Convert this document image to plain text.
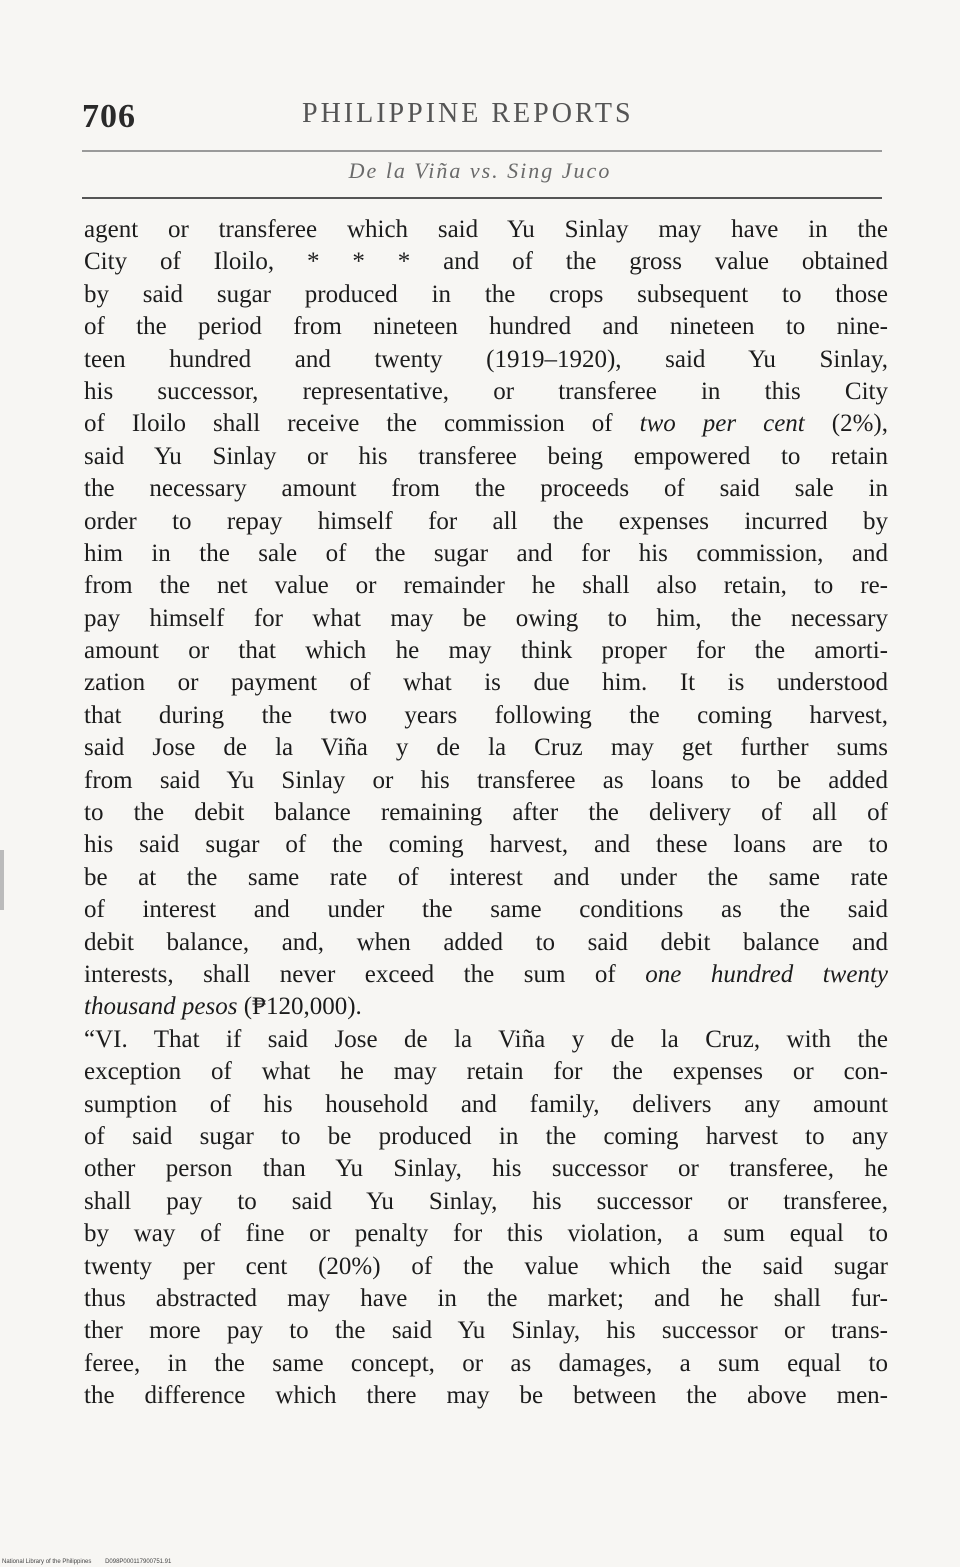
706	PHILIPPINE REPORTS
De la Viña vs. Sing Juco
agent or transferee which said Yu Sinlay may have in the
City of Iloilo, * * * and of the gross value obtained
by said sugar produced in the crops subsequent to those
of the period from nineteen hundred and nineteen to nine-
teen hundred and twenty (1919–1920), said Yu Sinlay,
his successor, representative, or transferee in this City
of Iloilo shall receive the commission of two per cent (2%),
said Yu Sinlay or his transferee being empowered to retain
the necessary amount from the proceeds of said sale in
order to repay himself for all the expenses incurred by
him in the sale of the sugar and for his commission, and
from the net value or remainder he shall also retain, to re-
pay himself for what may be owing to him, the necessary
amount or that which he may think proper for the amorti-
zation or payment of what is due him. It is understood
that during the two years following the coming harvest,
said Jose de la Viña y de la Cruz may get further sums
from said Yu Sinlay or his transferee as loans to be added
to the debit balance remaining after the delivery of all of
his said sugar of the coming harvest, and these loans are to
be at the same rate of interest and under the same rate
of interest and under the same conditions as the said
debit balance, and, when added to said debit balance and
interests, shall never exceed the sum of one hundred twenty
thousand pesos (₱120,000).
“VI. That if said Jose de la Viña y de la Cruz, with the
exception of what he may retain for the expenses or con-
sumption of his household and family, delivers any amount
of said sugar to be produced in the coming harvest to any
other person than Yu Sinlay, his successor or transferee, he
shall pay to said Yu Sinlay, his successor or transferee,
by way of fine or penalty for this violation, a sum equal to
twenty per cent (20%) of the value which the said sugar
thus abstracted may have in the market; and he shall fur-
ther more pay to the said Yu Sinlay, his successor or trans-
feree, in the same concept, or as damages, a sum equal to
the difference which there may be between the above men-
National Library of the Philippines D098P000117900751.91
